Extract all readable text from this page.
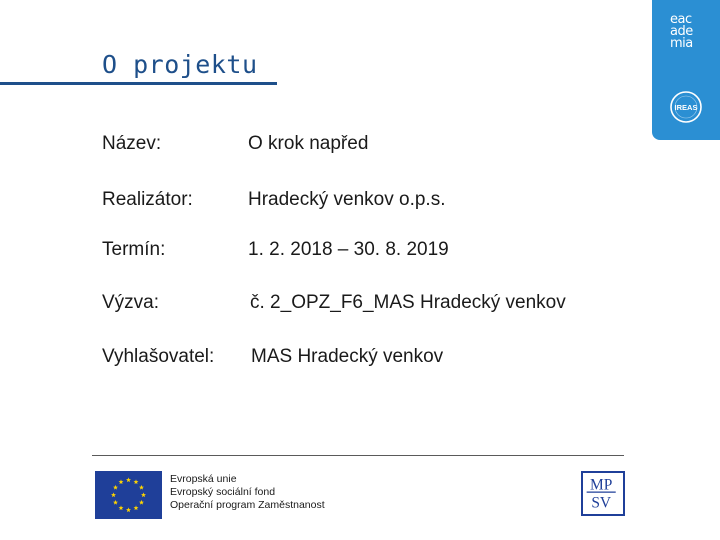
eac
ade
mia
IREAS
O projektu
Název:	O krok napřed
Realizátor:	Hradecký venkov o.p.s.
Termín:	1. 2. 2018 – 30. 8. 2019
Výzva:	č. 2_OPZ_F6_MAS Hradecký venkov
Vyhlašovatel: MAS Hradecký venkov
Evropská unie
Evropský sociální fond
Operační program Zaměstnanost
MP
SV
